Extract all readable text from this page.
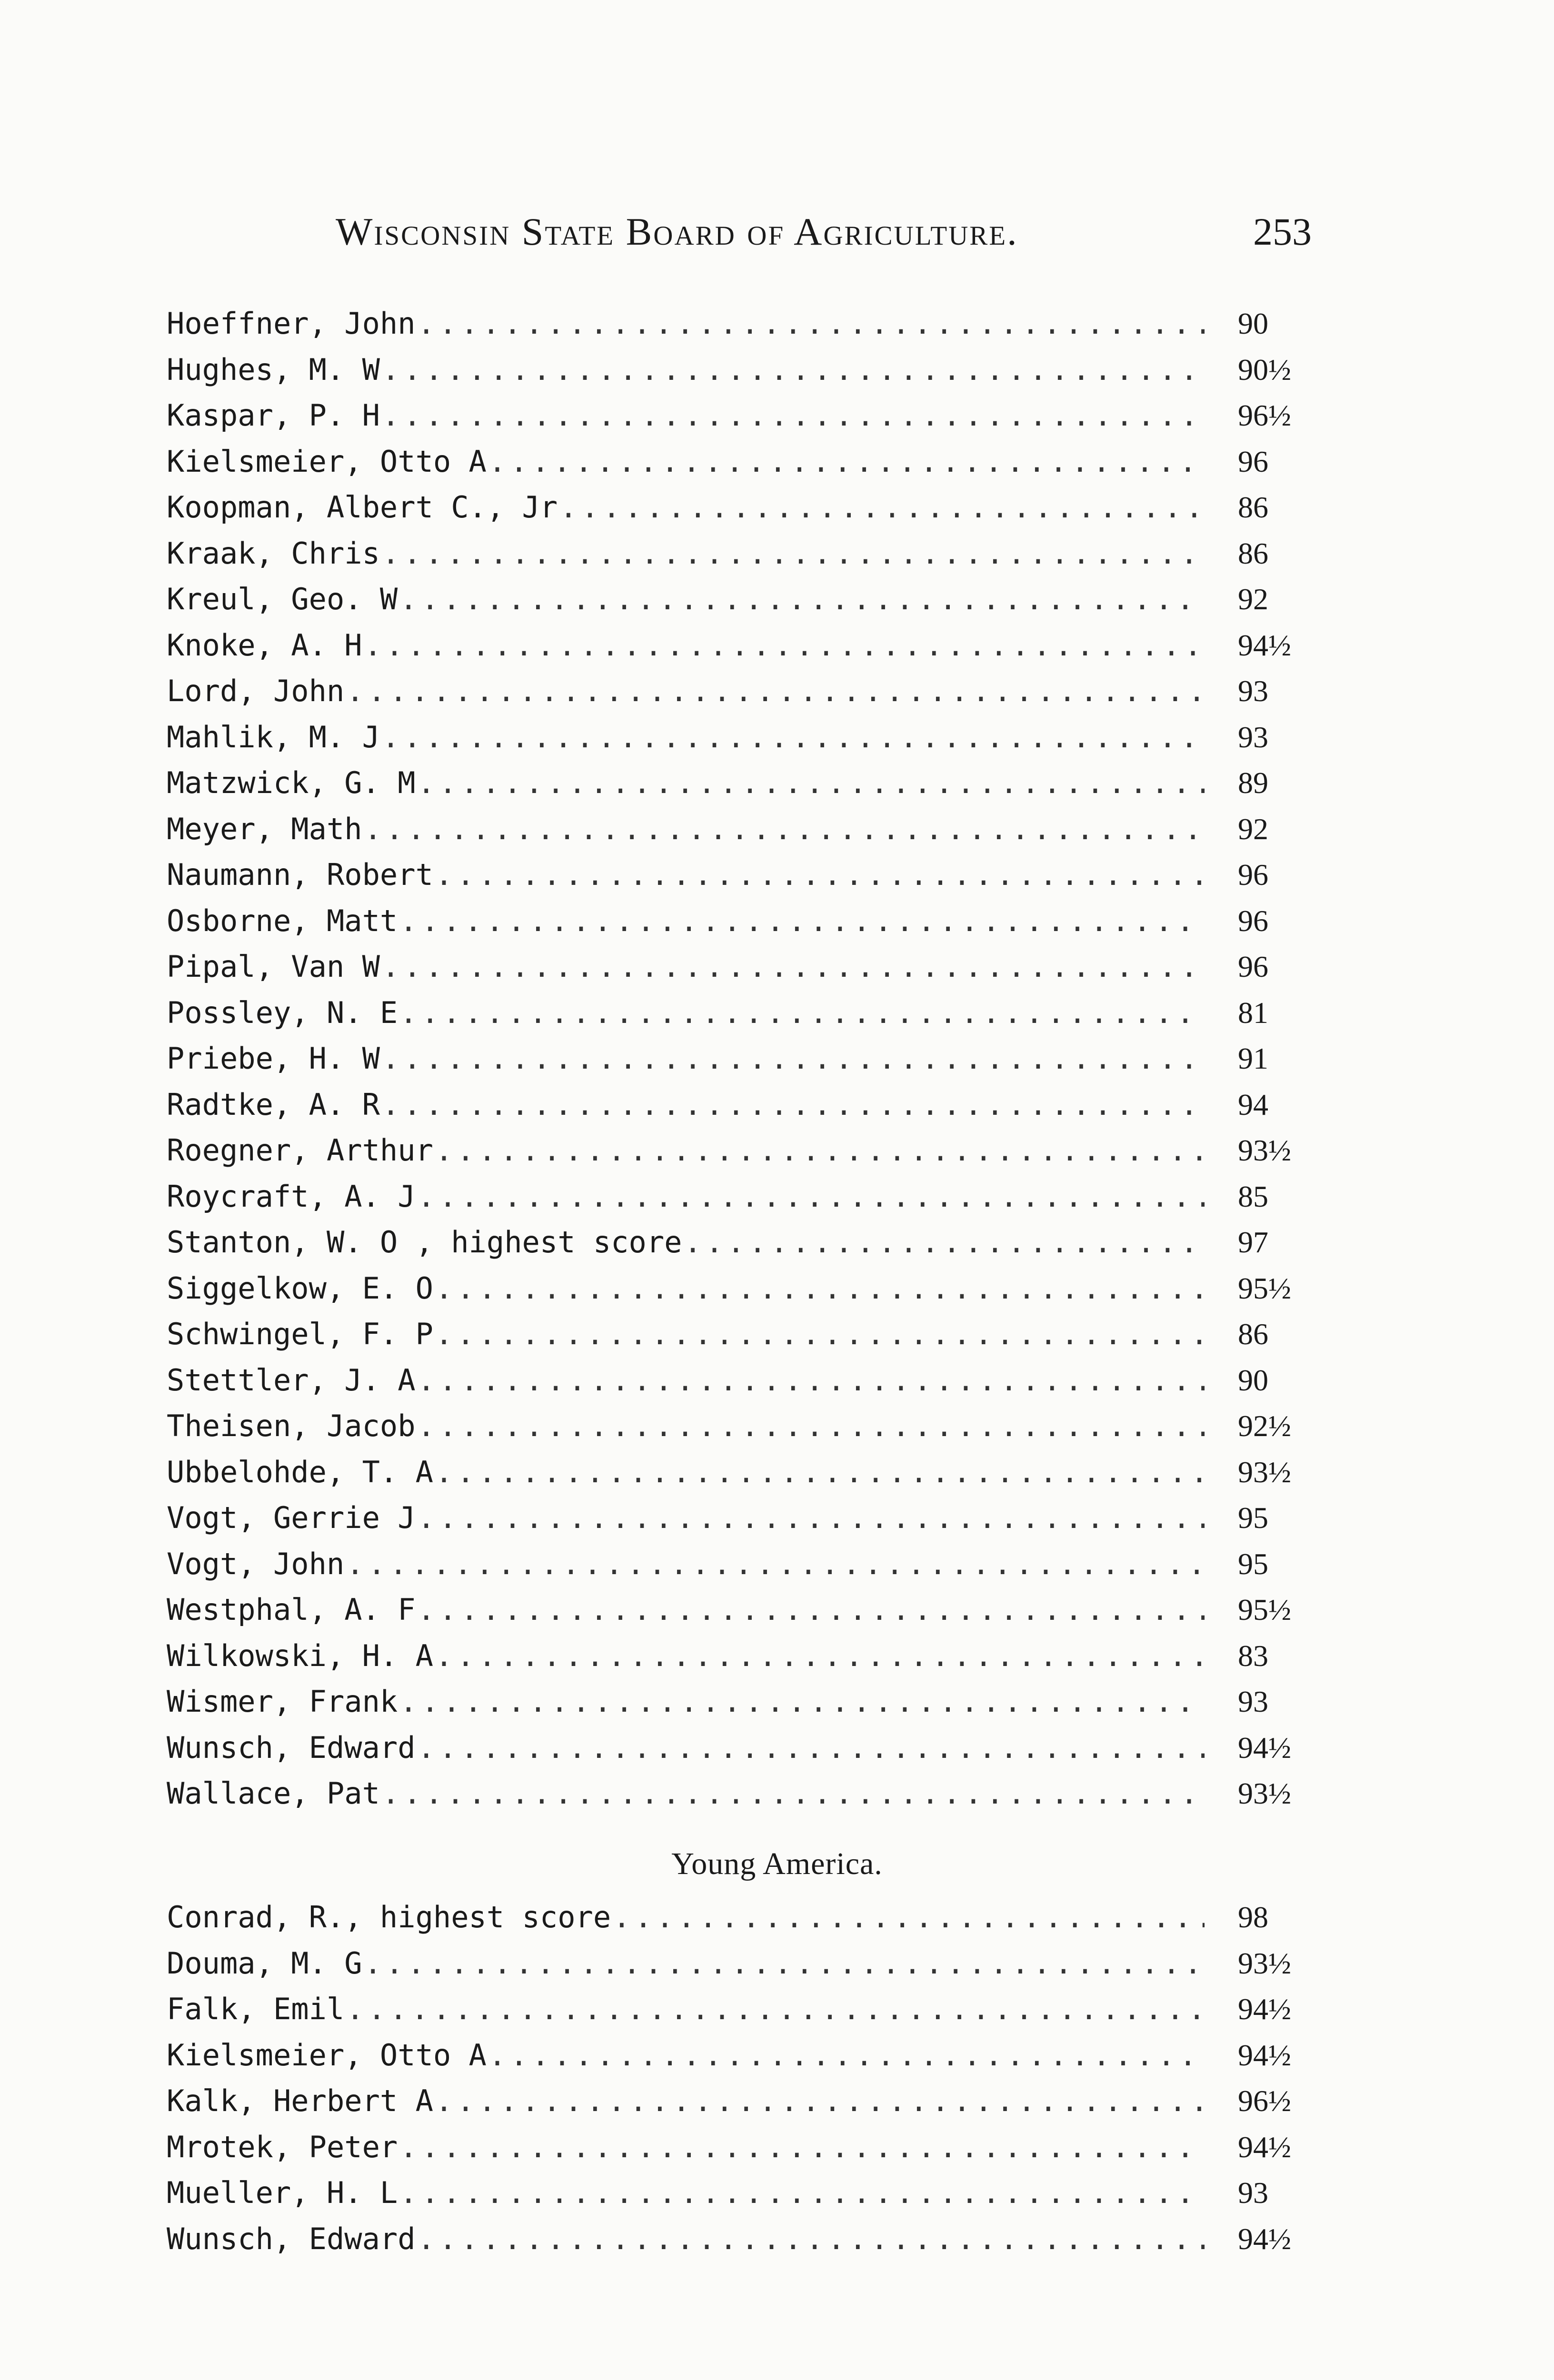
Wisconsin State Board of Agriculture.	253
Hoeffner, John .....	90
Hughes, M. W .....	90½
Kaspar, P. H .....	96½
Kielsmeier, Otto A .....	96
Koopman, Albert C., Jr .....	86
Kraak, Chris .....	86
Kreul, Geo. W .....	92
Knoke, A. H .....	94½
Lord, John .....	93
Mahlik, M. J .....	93
Matzwick, G. M .....	89
Meyer, Math .....	92
Naumann, Robert .....	96
Osborne, Matt .....	96
Pipal, Van W .....	96
Possley, N. E .....	81
Priebe, H. W .....	91
Radtke, A. R .....	94
Roegner, Arthur .....	93½
Roycraft, A. J .....	85
Stanton, W. O , highest score .....	97
Siggelkow, E. O .....	95½
Schwingel, F. P .....	86
Stettler, J. A .....	90
Theisen, Jacob .....	92½
Ubbelohde, T. A .....	93½
Vogt, Gerrie J .....	95
Vogt, John .....	95
Westphal, A. F .....	95½
Wilkowski, H. A .....	83
Wismer, Frank .....	93
Wunsch, Edward .....	94½
Wallace, Pat .....	93½
Young America.
Conrad, R., highest score .....	98
Douma, M. G .....	93½
Falk, Emil .....	94½
Kielsmeier, Otto A .....	94½
Kalk, Herbert A .....	96½
Mrotek, Peter .....	94½
Mueller, H. L .....	93
Wunsch, Edward .....	94½
